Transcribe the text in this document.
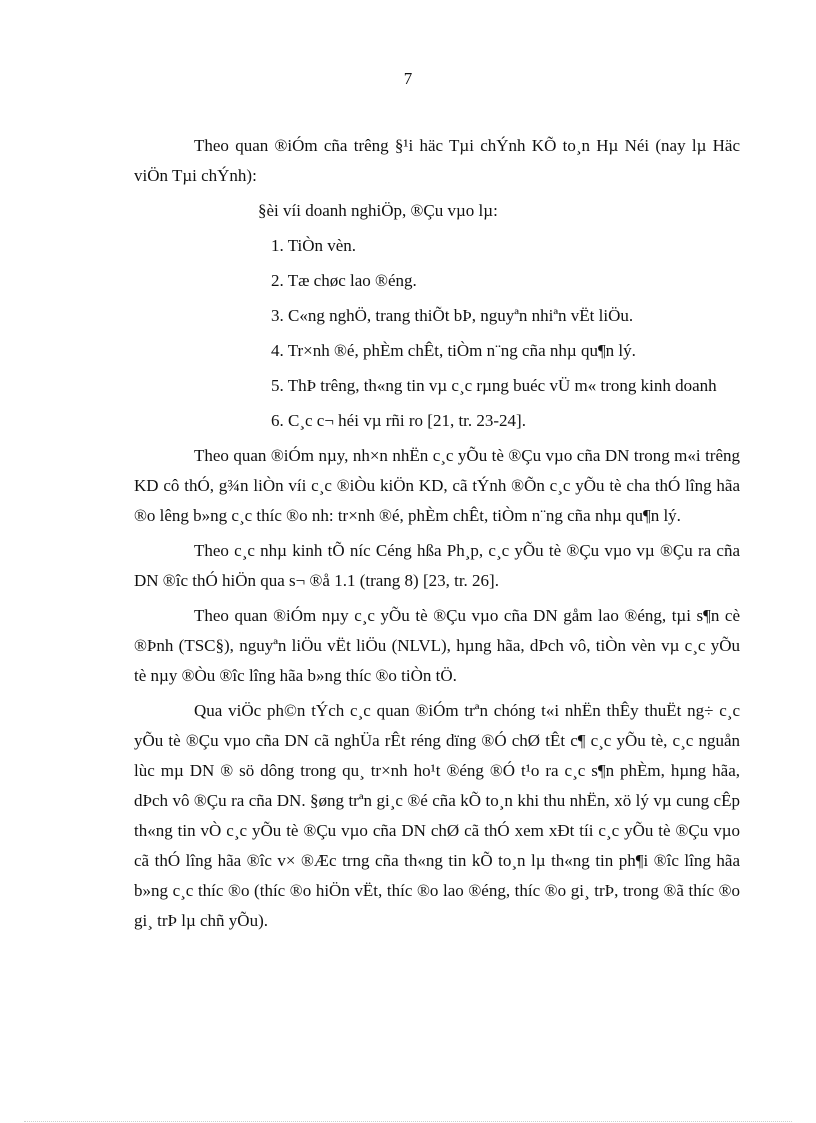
7

Theo quan ®iÓm cña trêng §¹i häc Tµi chÝnh KÕ to¸n Hµ Néi (nay lµ Häc viÖn Tµi chÝnh):

§èi víi doanh nghiÖp, ®Çu vµo lµ:
1. TiÒn vèn.
2. Tæ chøc lao ®éng.
3. C«ng nghÖ, trang thiÕt bÞ, nguyªn nhiªn vËt liÖu.
4. Tr×nh ®é, phÈm chÊt, tiÒm n¨ng cña nhµ qu¶n lý.
5. ThÞ trêng, th«ng tin vµ c¸c rµng buéc vÜ m« trong kinh doanh
6. C¸c c¬ héi vµ rñi ro [21, tr. 23-24].

Theo quan ®iÓm nµy, nh×n nhËn c¸c yÕu tè ®Çu vµo cña DN trong m«i trêng KD cô thÓ, g¾n liÒn víi c¸c ®iÒu kiÖn KD, cã tÝnh ®Õn c¸c yÕu tè cha thÓ lîng hãa ®o lêng b»ng c¸c thíc ®o nh: tr×nh ®é, phÈm chÊt, tiÒm n¨ng cña nhµ qu¶n lý.

Theo c¸c nhµ kinh tÕ níc Céng hßa Ph¸p, c¸c yÕu tè ®Çu vµo vµ ®Çu ra cña DN ®îc thÓ hiÖn qua s¬ ®å 1.1 (trang 8) [23, tr. 26].

Theo quan ®iÓm nµy c¸c yÕu tè ®Çu vµo cña DN gåm lao ®éng, tµi s¶n cè ®Þnh (TSC§), nguyªn liÖu vËt liÖu (NLVL), hµng hãa, dÞch vô, tiÒn vèn vµ c¸c yÕu tè nµy ®Òu ®îc lîng hãa b»ng thíc ®o tiÒn tÖ.

Qua viÖc ph©n tÝch c¸c quan ®iÓm trªn chóng t«i nhËn thÊy thuËt ng÷ c¸c yÕu tè ®Çu vµo cña DN cã nghÜa rÊt réng dïng ®Ó chØ tÊt c¶ c¸c yÕu tè, c¸c nguån lùc mµ DN ® sö dông trong qu¸ tr×nh ho¹t ®éng ®Ó t¹o ra c¸c s¶n phÈm, hµng hãa, dÞch vô ®Çu ra cña DN. §øng trªn gi¸c ®é cña kÕ to¸n khi thu nhËn, xö lý vµ cung cÊp th«ng tin vÒ c¸c yÕu tè ®Çu vµo cña DN chØ cã thÓ xem xÐt tíi c¸c yÕu tè ®Çu vµo cã thÓ lîng hãa ®îc v× ®Æc trng cña th«ng tin kÕ to¸n lµ th«ng tin ph¶i ®îc lîng hãa b»ng c¸c thíc ®o (thíc ®o hiÖn vËt, thíc ®o lao ®éng, thíc ®o gi¸ trÞ, trong ®ã thíc ®o gi¸ trÞ lµ chñ yÕu).
